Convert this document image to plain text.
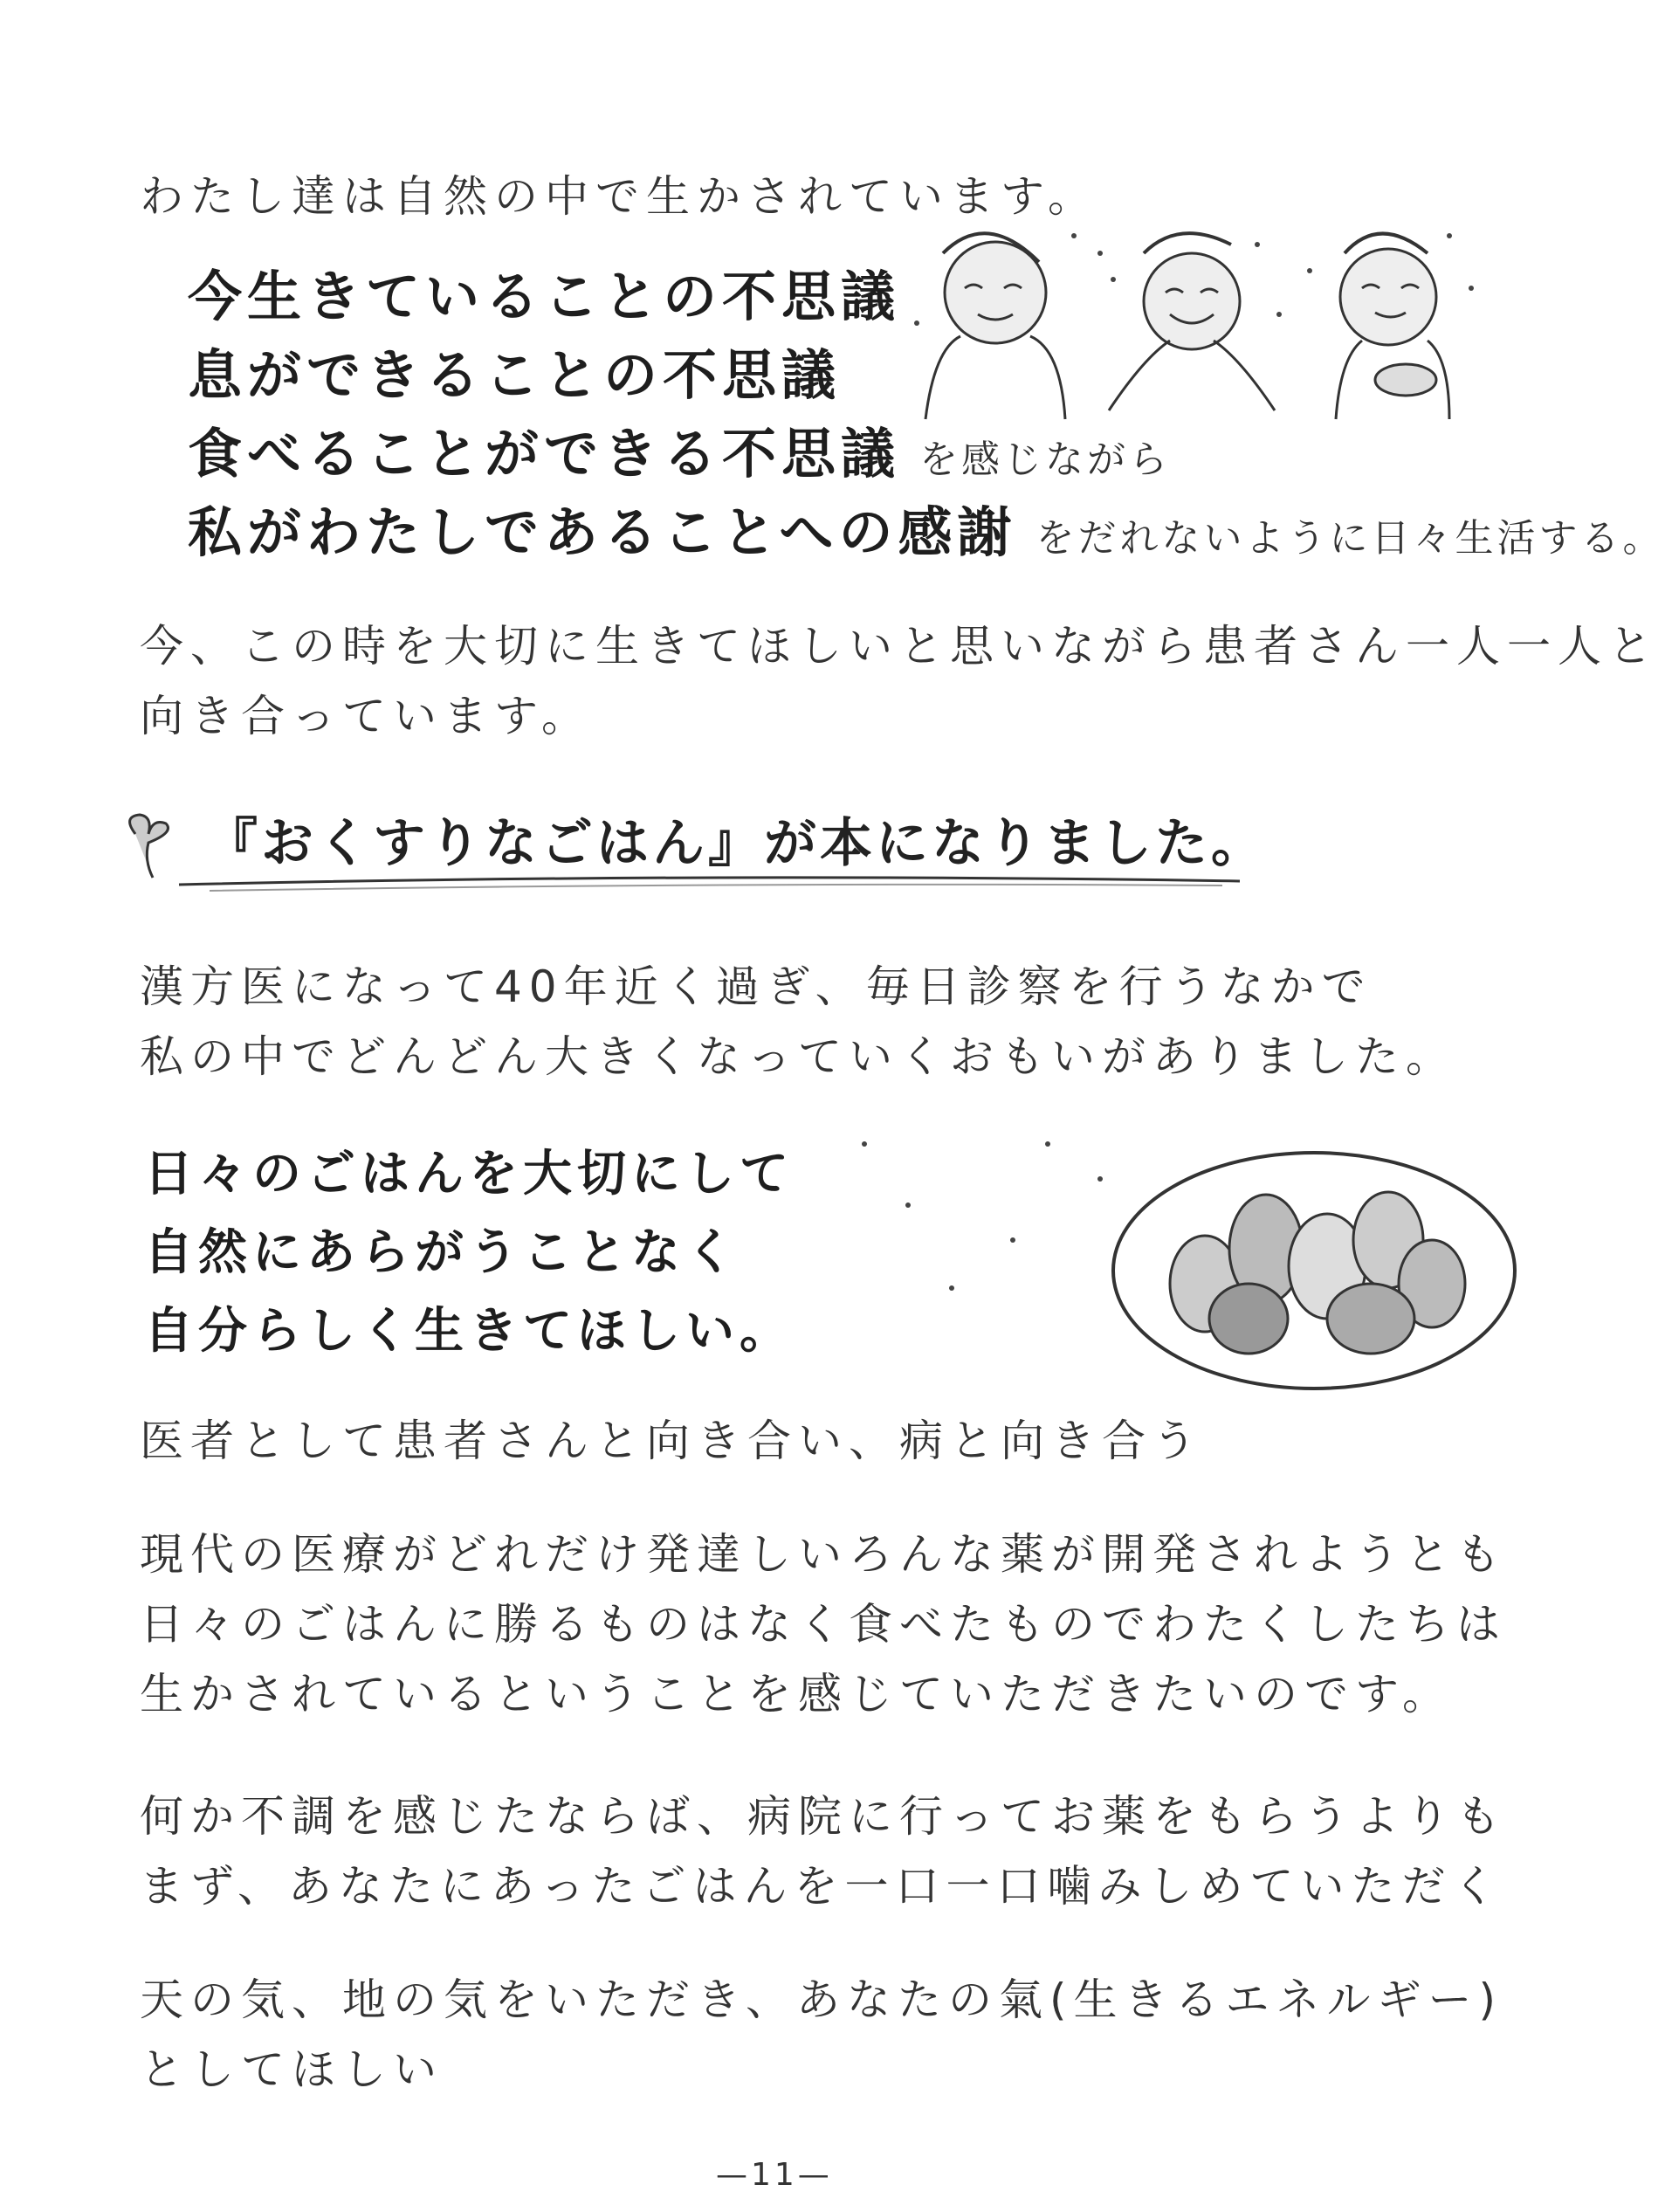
わたし達は自然の中で生かされています。
今生きていることの不思議
息ができることの不思議
食べることができる不思議 を感じながら
私がわたしであることへの感謝 をだれないように日々生活する。
今、この時を大切に生きてほしいと思いながら患者さん一人一人と
向き合っています。
『おくすりなごはん』が本になりました。
漢方医になって40年近く過ぎ、毎日診察を行うなかで
私の中でどんどん大きくなっていくおもいがありました。
日々のごはんを大切にして
自然にあらがうことなく
自分らしく生きてほしい。
医者として患者さんと向き合い、病と向き合う
現代の医療がどれだけ発達しいろんな薬が開発されようとも
日々のごはんに勝るものはなく食べたものでわたくしたちは
生かされているということを感じていただきたいのです。
何か不調を感じたならば、病院に行ってお薬をもらうよりも
まず、あなたにあったごはんを一口一口噛みしめていただく
天の気、地の気をいただき、あなたの氣(生きるエネルギー)
としてほしい
—11—
